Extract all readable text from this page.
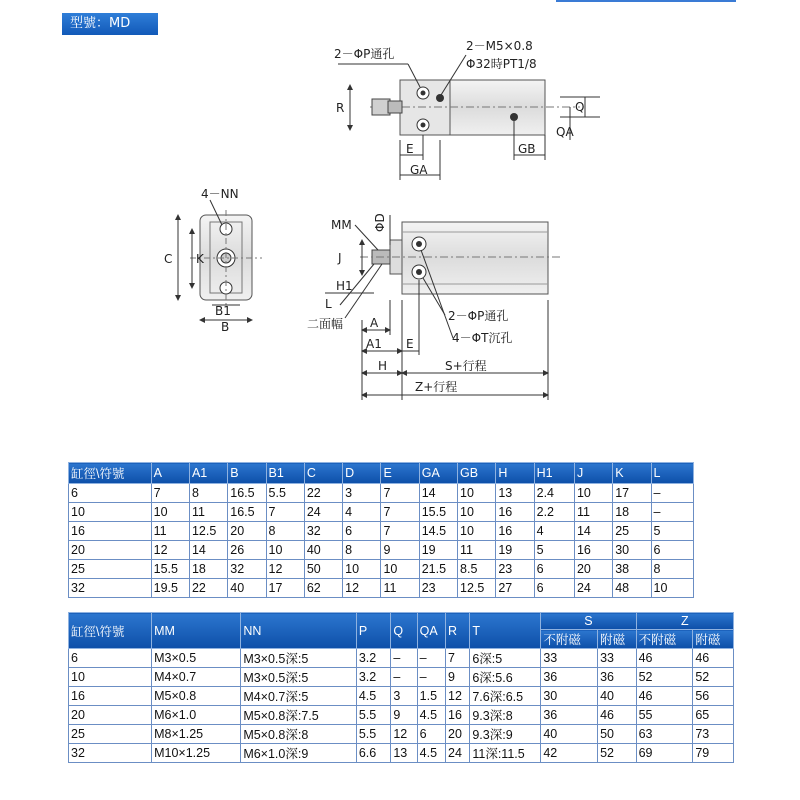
型號：MD
2－ΦP通孔
2－M5×0.8
Φ32時PT1/8
R	Q
QA
E
GA
GB
4－NN
C K
B1
B
MM ΦD
J
H1
L
二面幅 A
A1 E
2－ΦP通孔
4－ΦT沉孔
H	S+行程
Z+行程
缸徑\符號	A	A1	B	B1	C	D	E	GA	GB	H	H1	J	K	L
6	7	8	16.5	5.5	22	3	7	14	10	13	2.4	10	17	–
10	10	11	16.5	7	24	4	7	15.5	10	16	2.2	11	18	–
16	11	12.5	20	8	32	6	7	14.5	10	16	4	14	25	5
20	12	14	26	10	40	8	9	19	11	19	5	16	30	6
25	15.5	18	32	12	50	10	10	21.5	8.5	23	6	20	38	8
32	19.5	22	40	17	62	12	11	23	12.5	27	6	24	48	10
缸徑\符號	MM	NN	P	Q	QA	R	T	S		Z	
								不附磁	附磁	不附磁	附磁
6	M3×0.5	M3×0.5深:5	3.2	–	–	7	6深:5	33	33	46	46
10	M4×0.7	M3×0.5深:5	3.2	–	–	9	6深:5.6	36	36	52	52
16	M5×0.8	M4×0.7深:5	4.5	3	1.5	12	7.6深:6.5	30	40	46	56
20	M6×1.0	M5×0.8深:7.5	5.5	9	4.5	16	9.3深:8	36	46	55	65
25	M8×1.25	M5×0.8深:8	5.5	12	6	20	9.3深:9	40	50	63	73
32	M10×1.25	M6×1.0深:9	6.6	13	4.5	24	11深:11.5	42	52	69	79
